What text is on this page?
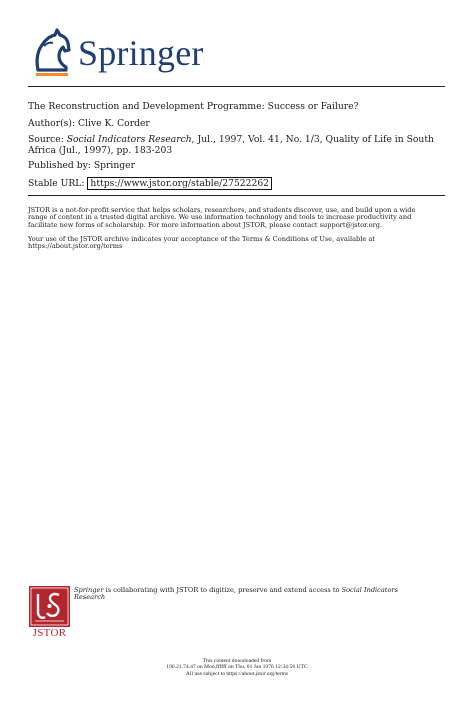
Springer
The Reconstruction and Development Programme: Success or Failure?
Author(s): Clive K. Corder
Source: Social Indicators Research, Jul., 1997, Vol. 41, No. 1/3, Quality of Life in South
Africa (Jul., 1997), pp. 183-203
Published by: Springer
Stable URL: https://www.jstor.org/stable/27522262
JSTOR is a not-for-profit service that helps scholars, researchers, and students discover, use, and build upon a wide
range of content in a trusted digital archive. We use information technology and tools to increase productivity and
facilitate new forms of scholarship. For more information about JSTOR, please contact support@jstor.org.
Your use of the JSTOR archive indicates your acceptance of the Terms & Conditions of Use, available at
https://about.jstor.org/terms
JSTOR
Springer is collaborating with JSTOR to digitize, preserve and extend access to Social Indicators
Research
This content downloaded from
196.21.74.47 on Mon,ffffff on Thu, 01 Jan 1976 12:34:56 UTC
All use subject to https://about.jstor.org/terms
